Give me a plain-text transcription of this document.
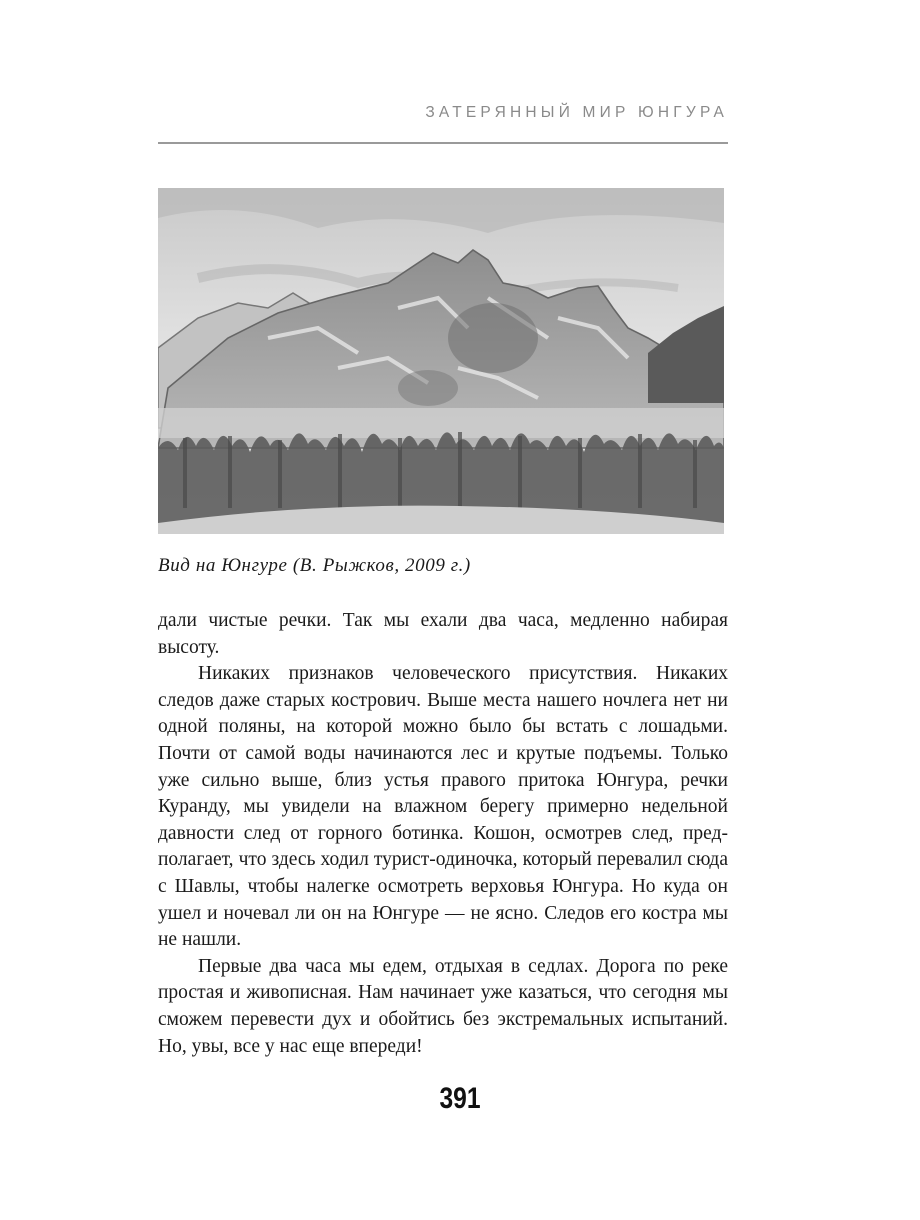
ЗАТЕРЯННЫЙ МИР ЮНГУРА
Вид на Юнгуре (В. Рыжков, 2009 г.)

дали чистые речки. Так мы ехали два часа, медленно набирая высоту.

Никаких признаков человеческого присутствия. Никаких следов даже старых кострович. Выше места нашего ночлега нет ни одной поляны, на которой можно было бы встать с лошадьми. Почти от самой воды начинаются лес и крутые подъемы. Только уже сильно выше, близ устья правого притока Юнгура, речки Куранду, мы увидели на влажном берегу примерно недельной давности след от горного ботинка. Кошон, осмотрев след, предполагает, что здесь ходил турист-одиночка, который перевалил сюда с Шавлы, чтобы налегке осмотреть верховья Юнгура. Но куда он ушел и ночевал ли он на Юнгуре — не ясно. Следов его костра мы не нашли.

Первые два часа мы едем, отдыхая в седлах. Дорога по реке простая и живописная. Нам начинает уже казаться, что сегодня мы сможем перевести дух и обойтись без экстремальных испытаний. Но, увы, все у нас еще впереди!

391
